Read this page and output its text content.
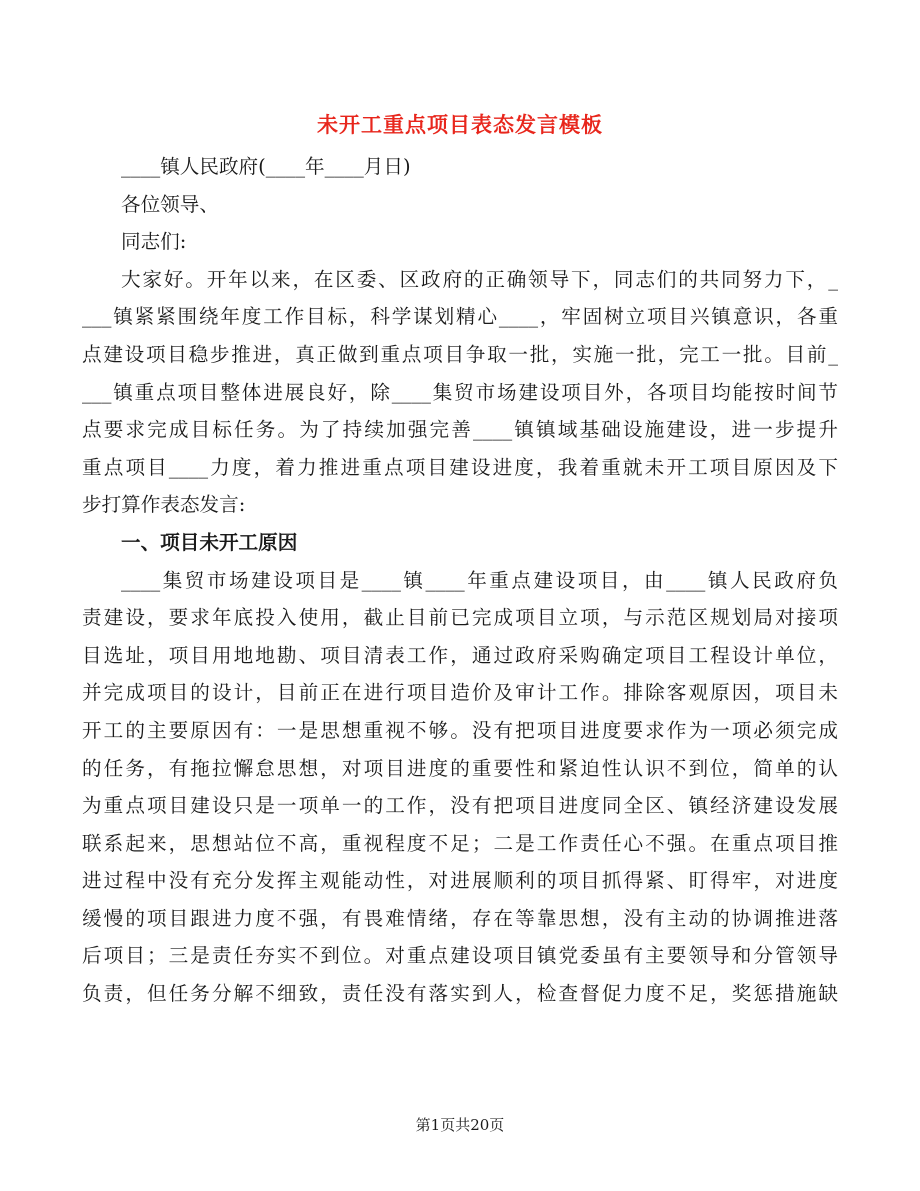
未开工重点项目表态发言模板
____镇人民政府(____年____月日)
各位领导、
同志们:
大家好。开年以来，在区委、区政府的正确领导下，同志们的共同努力下，_
___镇紧紧围绕年度工作目标，科学谋划精心____，牢固树立项目兴镇意识，各重
点建设项目稳步推进，真正做到重点项目争取一批，实施一批，完工一批。目前_
___镇重点项目整体进展良好，除____集贸市场建设项目外，各项目均能按时间节
点要求完成目标任务。为了持续加强完善____镇镇域基础设施建设，进一步提升
重点项目____力度，着力推进重点项目建设进度，我着重就未开工项目原因及下
步打算作表态发言:
一、项目未开工原因
____集贸市场建设项目是____镇____年重点建设项目，由____镇人民政府负
责建设，要求年底投入使用，截止目前已完成项目立项，与示范区规划局对接项
目选址，项目用地地勘、项目清表工作，通过政府采购确定项目工程设计单位，
并完成项目的设计，目前正在进行项目造价及审计工作。排除客观原因，项目未
开工的主要原因有：一是思想重视不够。没有把项目进度要求作为一项必须完成
的任务，有拖拉懈怠思想，对项目进度的重要性和紧迫性认识不到位，简单的认
为重点项目建设只是一项单一的工作，没有把项目进度同全区、镇经济建设发展
联系起来，思想站位不高，重视程度不足；二是工作责任心不强。在重点项目推
进过程中没有充分发挥主观能动性，对进展顺利的项目抓得紧、盯得牢，对进度
缓慢的项目跟进力度不强，有畏难情绪，存在等靠思想，没有主动的协调推进落
后项目；三是责任夯实不到位。对重点建设项目镇党委虽有主要领导和分管领导
负责，但任务分解不细致，责任没有落实到人，检查督促力度不足，奖惩措施缺
第1页共20页
